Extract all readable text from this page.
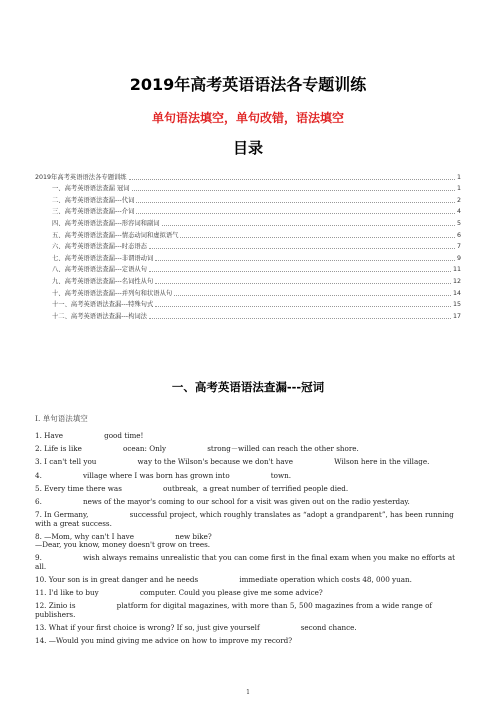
2019年高考英语语法各专题训练
单句语法填空，单句改错，语法填空
目录
2019年高考英语语法各专题训练	1
一、高考英语语法查漏 冠词	1
二、高考英语语法查漏---代词	2
三、高考英语语法查漏---介词	4
四、高考英语语法查漏---形容词和副词	5
五、高考英语语法查漏---情态动词和虚拟语气	6
六、高考英语语法查漏---时态语态	7
七、高考英语语法查漏---非谓语动词	9
八、高考英语语法查漏---定语从句	11
九、高考英语语法查漏---名词性从句	12
十、高考英语语法查漏---并列句和状语从句	14
十一、高考英语语法查漏---特殊句式	15
十二、高考英语语法查漏---构词法	17
一、高考英语语法查漏---冠词
Ⅰ. 单句语法填空
1. Have                  good time!
2. Life is like                  ocean: Only                  strong－willed can reach the other shore.
3. I can't tell you                  way to the Wilson's because we don't have                  Wilson here in the village.
4.                  village where I was born has grown into                  town.
5. Every time there was                  outbreak，a great number of terrified people died.
6.                  news of the mayor's coming to our school for a visit was given out on the radio yesterday.
7. In Germany,                  successful project, which roughly translates as “adopt a grandparent”, has been running with a great success.
8. —Mom, why can't I have                  new bike?
—Dear, you know, money doesn't grow on trees.
9.                  wish always remains unrealistic that you can come first in the final exam when you make no efforts at all.
10. Your son is in great danger and he needs                  immediate operation which costs 48, 000 yuan.
11. I'd like to buy                  computer. Could you please give me some advice?
12. Zinio is                  platform for digital magazines, with more than 5, 500 magazines from a wide range of publishers.
13. What if your first choice is wrong? If so, just give yourself                  second chance.
14. —Would you mind giving me advice on how to improve my record?
1
